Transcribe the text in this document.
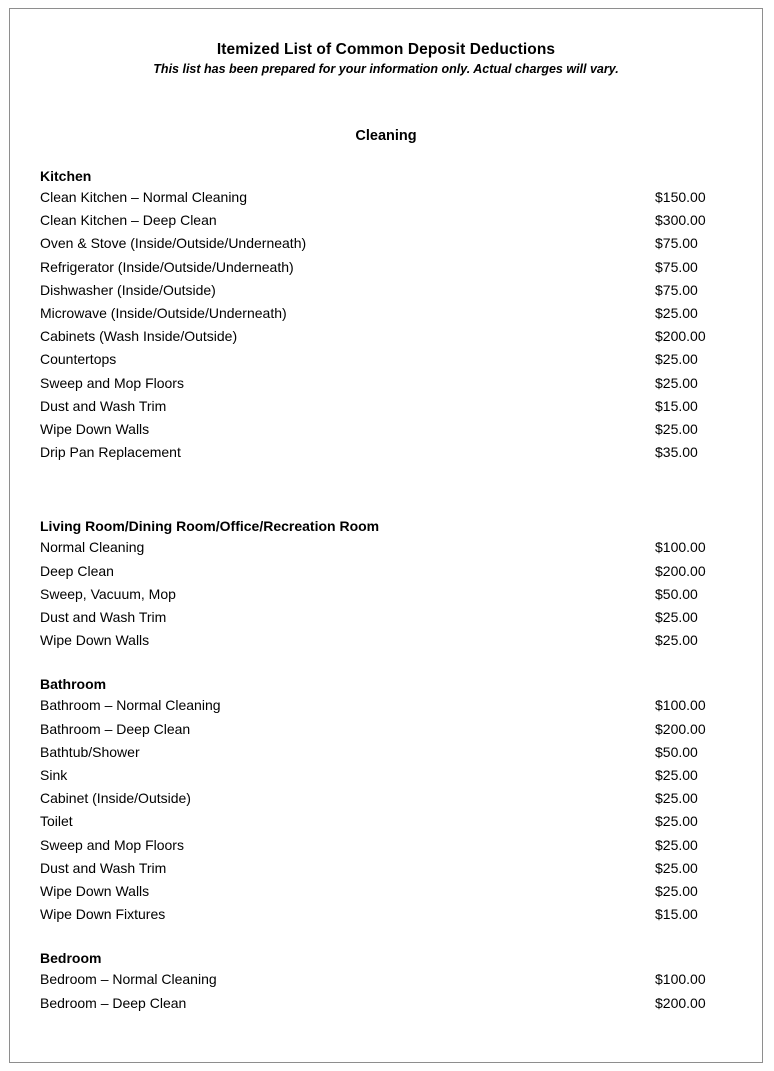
Itemized List of Common Deposit Deductions
This list has been prepared for your information only. Actual charges will vary.
Cleaning
Kitchen
Clean Kitchen – Normal Cleaning	$150.00
Clean Kitchen – Deep Clean	$300.00
Oven & Stove (Inside/Outside/Underneath)	$75.00
Refrigerator (Inside/Outside/Underneath)	$75.00
Dishwasher (Inside/Outside)	$75.00
Microwave (Inside/Outside/Underneath)	$25.00
Cabinets (Wash Inside/Outside)	$200.00
Countertops	$25.00
Sweep and Mop Floors	$25.00
Dust and Wash Trim	$15.00
Wipe Down Walls	$25.00
Drip Pan Replacement	$35.00
Living Room/Dining Room/Office/Recreation Room
Normal Cleaning	$100.00
Deep Clean	$200.00
Sweep, Vacuum, Mop	$50.00
Dust and Wash Trim	$25.00
Wipe Down Walls	$25.00
Bathroom
Bathroom – Normal Cleaning	$100.00
Bathroom – Deep Clean	$200.00
Bathtub/Shower	$50.00
Sink	$25.00
Cabinet (Inside/Outside)	$25.00
Toilet	$25.00
Sweep and Mop Floors	$25.00
Dust and Wash Trim	$25.00
Wipe Down Walls	$25.00
Wipe Down Fixtures	$15.00
Bedroom
Bedroom – Normal Cleaning	$100.00
Bedroom – Deep Clean	$200.00
